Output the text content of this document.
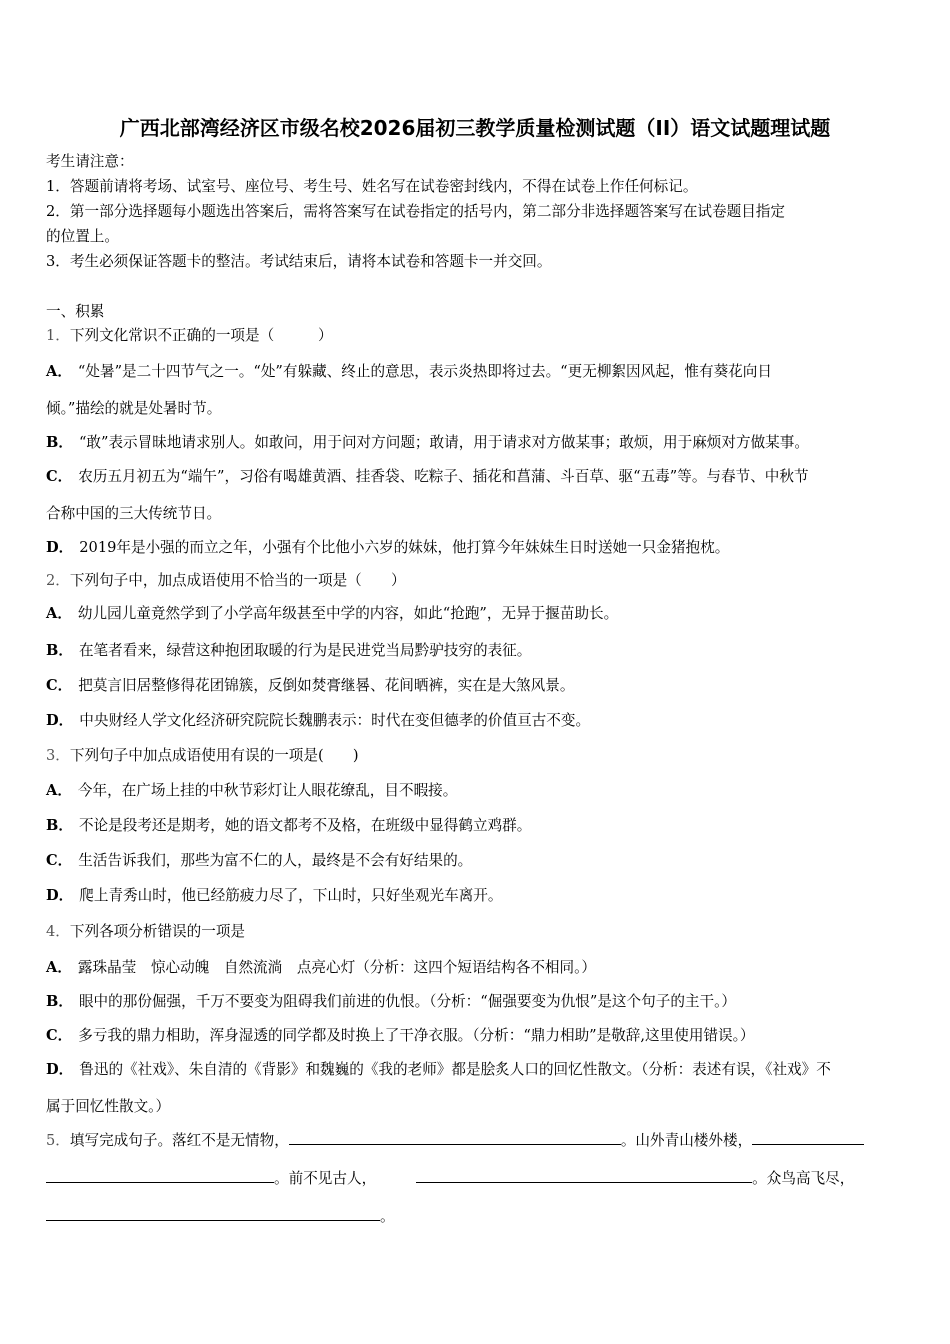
广西北部湾经济区市级名校2026届初三教学质量检测试题（II）语文试题理试题
考生请注意：
1．答题前请将考场、试室号、座位号、考生号、姓名写在试卷密封线内，不得在试卷上作任何标记。
2．第一部分选择题每小题选出答案后，需将答案写在试卷指定的括号内，第二部分非选择题答案写在试卷题目指定
的位置上。
3．考生必须保证答题卡的整洁。考试结束后，请将本试卷和答题卡一并交回。
一、积累
1．下列文化常识不正确的一项是（　　　）
A． “处暑”是二十四节气之一。“处”有躲藏、终止的意思，表示炎热即将过去。“更无柳絮因风起，惟有葵花向日
倾。”描绘的就是处暑时节。
B． “敢”表示冒昧地请求别人。如敢问，用于问对方问题；敢请，用于请求对方做某事；敢烦，用于麻烦对方做某事。
C． 农历五月初五为“端午”，习俗有喝雄黄酒、挂香袋、吃粽子、插花和菖蒲、斗百草、驱“五毒”等。与春节、中秋节
合称中国的三大传统节日。
D． 2019年是小强的而立之年，小强有个比他小六岁的妹妹，他打算今年妹妹生日时送她一只金猪抱枕。
2．下列句子中，加点成语使用不恰当的一项是（　　）
A． 幼儿园儿童竟然学到了小学高年级甚至中学的内容，如此“抢跑”，无异于揠苗助长。
B． 在笔者看来，绿营这种抱团取暖的行为是民进党当局黔驴技穷的表征。
C． 把莫言旧居整修得花团锦簇，反倒如焚膏继晷、花间晒裤，实在是大煞风景。
D． 中央财经人学文化经济研究院院长魏鹏表示：时代在变但德孝的价值亘古不变。
3．下列句子中加点成语使用有误的一项是(　　)
A． 今年，在广场上挂的中秋节彩灯让人眼花缭乱，目不暇接。
B． 不论是段考还是期考，她的语文都考不及格，在班级中显得鹤立鸡群。
C． 生活告诉我们，那些为富不仁的人，最终是不会有好结果的。
D． 爬上青秀山时，他已经筋疲力尽了，下山时，只好坐观光车离开。
4．下列各项分析错误的一项是
A． 露珠晶莹　惊心动魄　自然流淌　点亮心灯（分析：这四个短语结构各不相同。）
B． 眼中的那份倔强，千万不要变为阻碍我们前进的仇恨。（分析：“倔强要变为仇恨”是这个句子的主干。）
C． 多亏我的鼎力相助，浑身湿透的同学都及时换上了干净衣服。（分析：“鼎力相助”是敬辞,这里使用错误。）
D． 鲁迅的《社戏》、朱自清的《背影》和魏巍的《我的老师》都是脍炙人口的回忆性散文。（分析：表述有误，《社戏》不
属于回忆性散文。）
5．填写完成句子。落红不是无情物，	。山外青山楼外楼，
。前不见古人，	。众鸟高飞尽，
。
